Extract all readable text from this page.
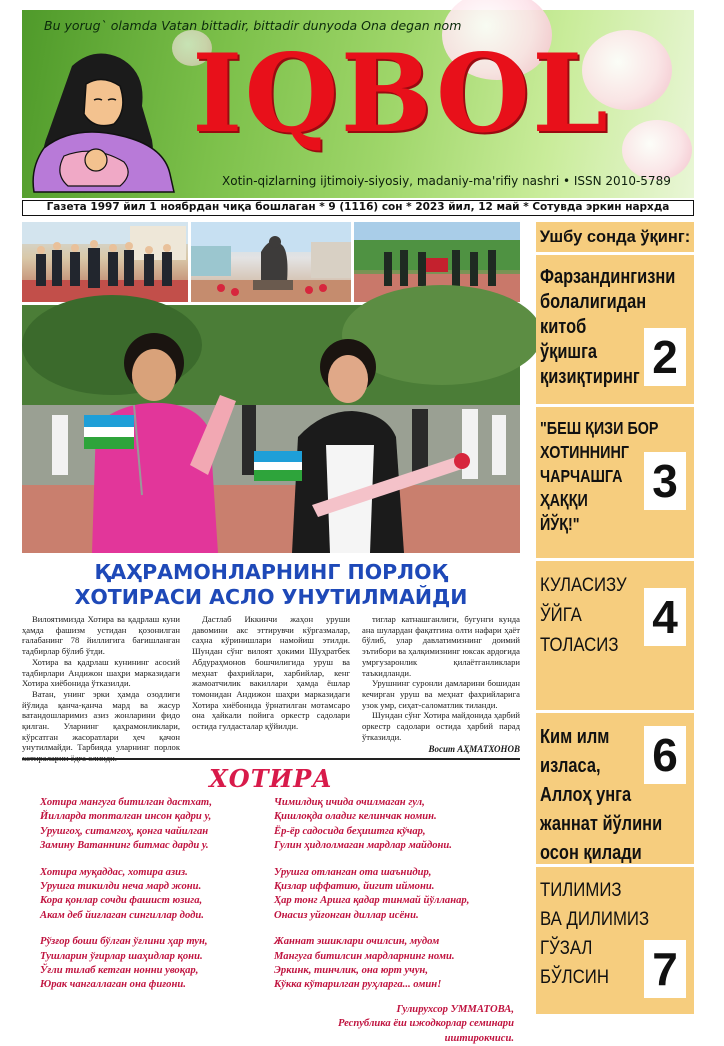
Bu yorug` olamda Vatan bittadir, bittadir dunyoda Ona degan nom
IQBOL
Xotin-qizlarning ijtimoiy-siyosiy, madaniy-ma'rifiy nashri • ISSN 2010-5789
Газета 1997 йил 1 ноябрдан чиқа бошлаган * 9 (1116) сон * 2023 йил, 12 май * Сотувда эркин нархда
ҚАҲРАМОНЛАРНИНГ ПОРЛОҚ
ХОТИРАСИ АСЛО УНУТИЛМАЙДИ

Вилоятимизда Хотира ва қадрлаш куни ҳамда фашизм устидан қозонилган ғалабанинг 78 йиллигига бағишланган тадбирлар бўлиб ўтди.

Хотира ва қадрлаш кунининг асосий тадбирлари Андижон шаҳри марказидаги Хотира хиёбонида ўтказилди.

Ватан, унинг эрки ҳамда озодлиги йўлида қанча-қанча мард ва жасур ватандошларимиз азиз жонларини фидо қилган. Уларнинг қаҳрамонликлари, кўрсатган жасоратлари ҳеч қачон унутилмайди. Тарбияда уларнинг порлок

Дастлаб Иккинчи жаҳон уруши давомини акс эттирувчи кўргазмалар, саҳна кўринишлари намойиш этилди. Шундан сўнг вилоят ҳокими Шуҳратбек Абдураҳмонов бошчилигида уруш ва меҳнат фахрийлари, харбийлар, кенг жамоатчилик вакиллари ҳамда ёшлар томонидан Андижон шаҳри марказидаги Хотира хиёбонида ўрнатилган мотамсаро она ҳайкали пойига оркестр садолари остида гулдасталар қўйилди.

тиглар катнашганлиги, бугунги кунда ана шулардан фақатгина олти нафари ҳаёт бўлиб, улар давлатимизнинг доимий эътибори ва ҳалқимизнинг юксак ардоғида умргузаронлик қилаётганликлари таъкидланди.

Урушнинг суронли дамларини бошидан кечирган уруш ва меҳнат фахрийларига узок умр, сиҳат-саломатлик тиланди.

Шундан сўнг Хотира майдонида ҳарбий оркестр садолари остида ҳарбий парад ўтказилди.

Восит АҲМАТХОНОВ
ХОТИРА
Хотира мангуга битилган дастхат,
Йилларда топталган инсон қадри у,
Урушгоҳ, ситамгоҳ, қонга чайилган
Замину Ватаннинг битмас дарди у.
Хотира муқаддас, хотира азиз.
Урушга тикилди неча мард жони.
Кора қонлар сочди фашист юзига,
Акам деб йиғлаган сингиллар доди.
Рўзғор боши бўлган ўғлини ҳар тун,
Тушларин ўғирлар шаҳидлар қони.
Ўғли тилаб кетган нонни увоқар,
Юрак чангаллаган она фиғони.
Чимилдиқ ичида очилмаган гул,
Қишлоқда оладиг келинчак номин.
Ёр-ёр садосида беҳиштга кўчар,
Гулин ҳидлолмаган мардлар майдони.
Урушга отланган ота шаънидир,
Қизлар иффатию, йигит иймони.
Ҳар тонг Аршга қадар тинмай йўлланар,
Онасиз уйғонган диллар исёни.
Жаннат эшиклари очилсин, мудом
Мангуга битилсин мардларнинг номи.
Эркинк, тинчлик, она юрт учун,
Кўкка кўтарилган руҳларга... омин!
Гулирухсор УММАТОВА,
Республика ёш ижодкорлар семинари
иштирокчиси.
Ушбу сонда ўқинг:
Фарзандингизни
болалигидан
китоб
ўқишга
қизиқтиринг 2
"БЕШ ҚИЗИ БОР
ХОТИННИНГ
ЧАРЧАШГА
ҲАҚҚИ
ЙЎҚ!"
3
КУЛАСИЗУ
ЎЙГА
ТОЛАСИЗ
4
Ким илм
изласа,
Аллоҳ унга
жаннат йўлини
осон қилади
6
ТИЛИМИЗ
ВА ДИЛИМИЗ
ГЎЗАЛ
БЎЛСИН 7
